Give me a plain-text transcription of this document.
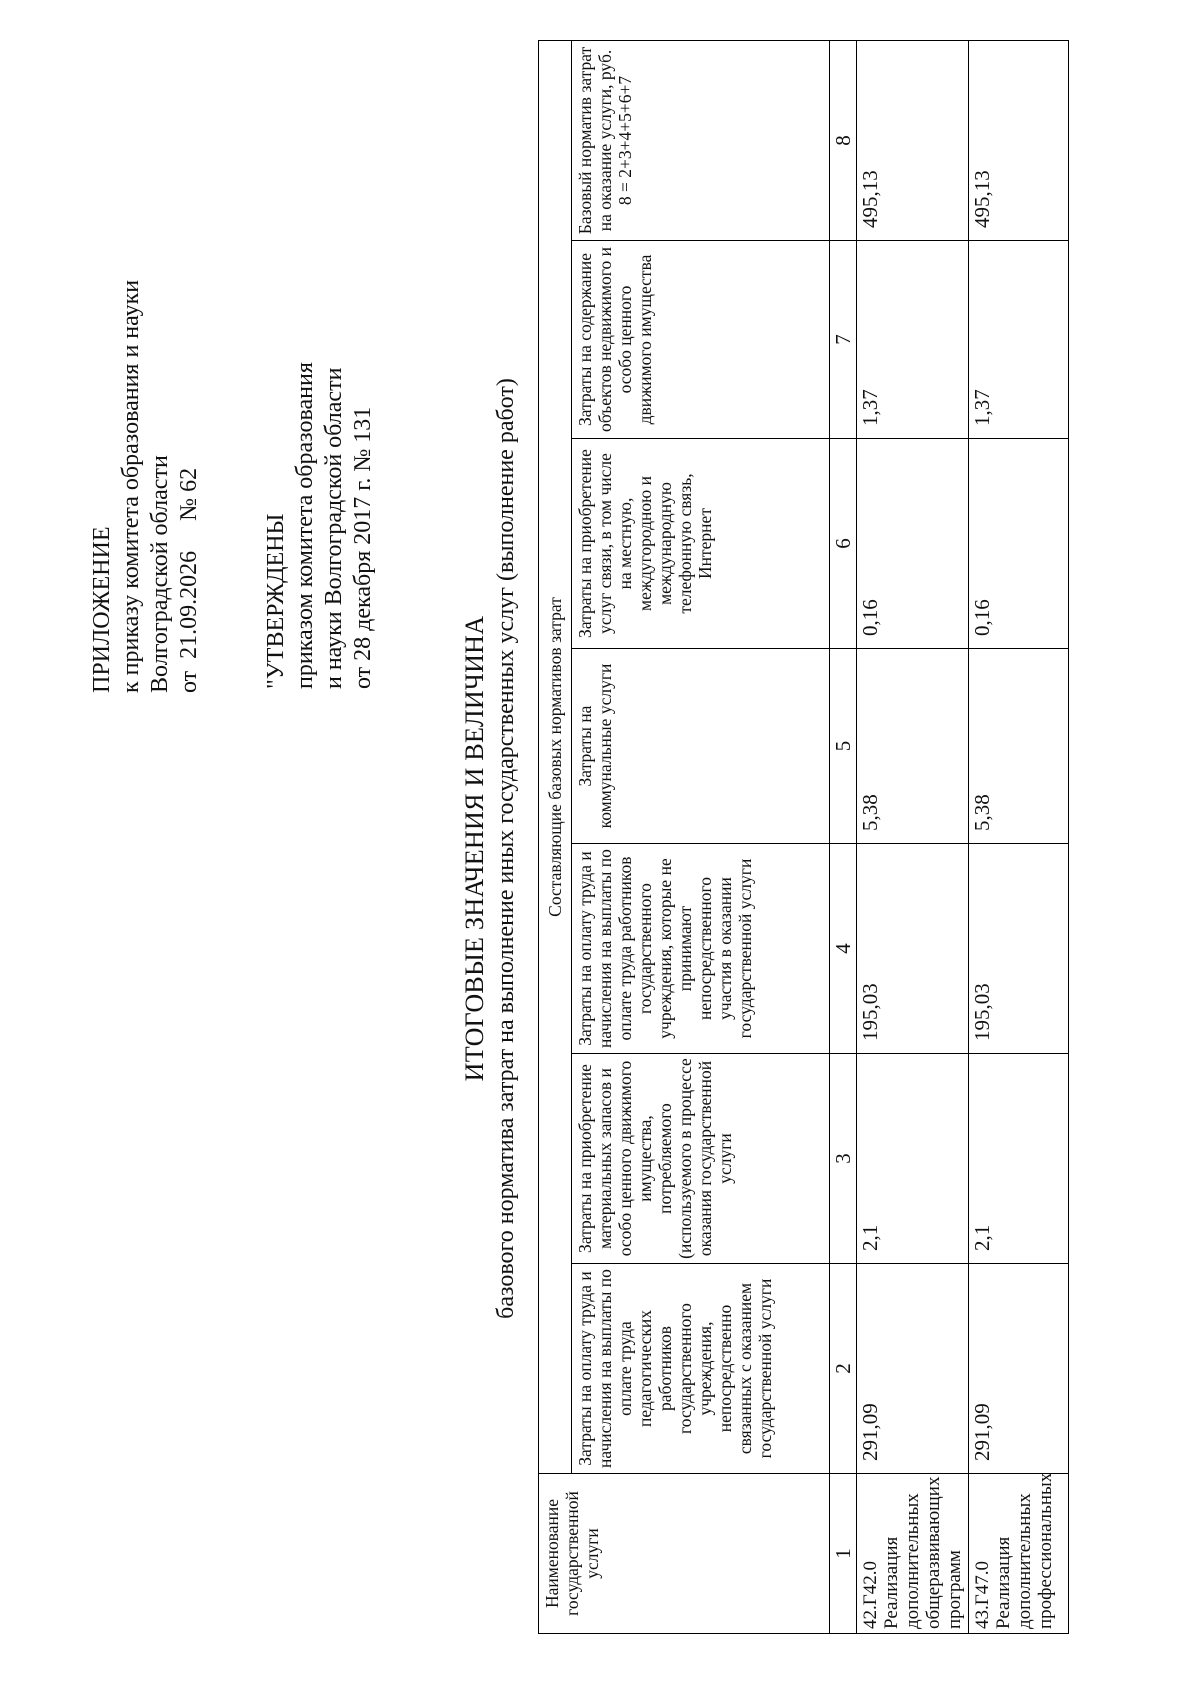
ПРИЛОЖЕНИЕ к приказу комитета образования и науки Волгоградской области от  21.09.2026     № 62
"УТВЕРЖДЕНЫ приказом комитета образования и науки Волгоградской области от 28 декабря 2017 г. № 131
ИТОГОВЫЕ ЗНАЧЕНИЯ И ВЕЛИЧИНА базового норматива затрат на выполнение иных государственных услуг (выполнение работ)
Наименование государственной услуги	Составляющие базовых нормативов затрат						
	Затраты на оплату труда и начисления на выплаты по оплате труда педагогических работников государственного учреждения, непосредственно связанных с оказанием государственной услуги	Затраты на приобретение материальных запасов и особо ценного движимого имущества, потребляемого (используемого в процессе оказания государственной услуги	Затраты на оплату труда и начисления на выплаты по оплате труда работников государственного учреждения, которые не принимают непосредственного участия в оказании государственной услуги	Затраты на коммунальные услуги	Затраты на приобретение услуг связи, в том числе на местную, междугородною и международную телефонную связь, Интернет	Затраты на содержание объектов недвижимого и особо ценного движимого имущества	Базовый норматив затрат на оказание услуги, руб. 8 = 2+3+4+5+6+7
1	2	3	4	5	6	7	8
42.Г42.0 Реализация дополнительных общеразвивающих программ	291,09	2,1	195,03	5,38	0,16	1,37	495,13
43.Г47.0 Реализация дополнительных профессиональных	291,09	2,1	195,03	5,38	0,16	1,37	495,13
